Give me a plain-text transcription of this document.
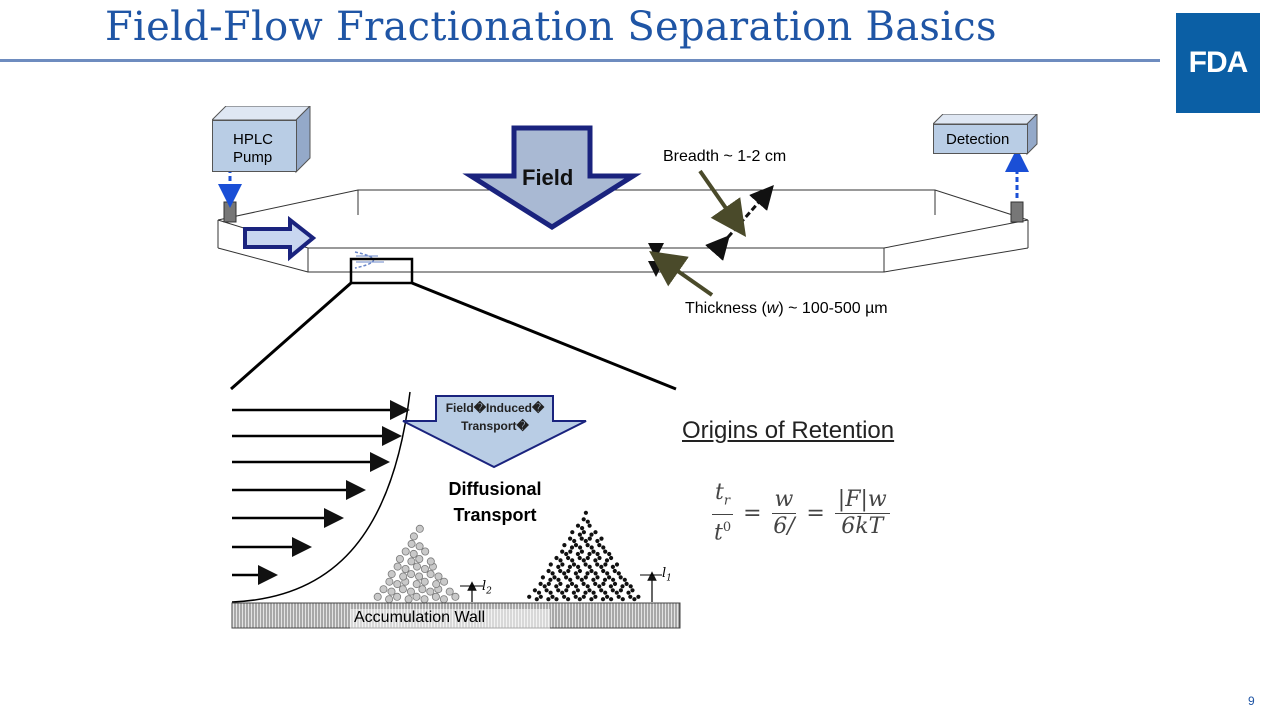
Field-Flow Fractionation Separation Basics
FDA
HPLC
Pump
Detection
Field
Breadth ~ 1-2 cm
Thickness (w) ~ 100-500 µm
Field�Induced�
Transport�
Diffusional
Transport
$l_2$
$l_1$
Accumulation Wall
Origins of Retention
$\frac{t_r}{t^0} = \frac{w}{6/} = \frac{|F|w}{6kT}$
9
